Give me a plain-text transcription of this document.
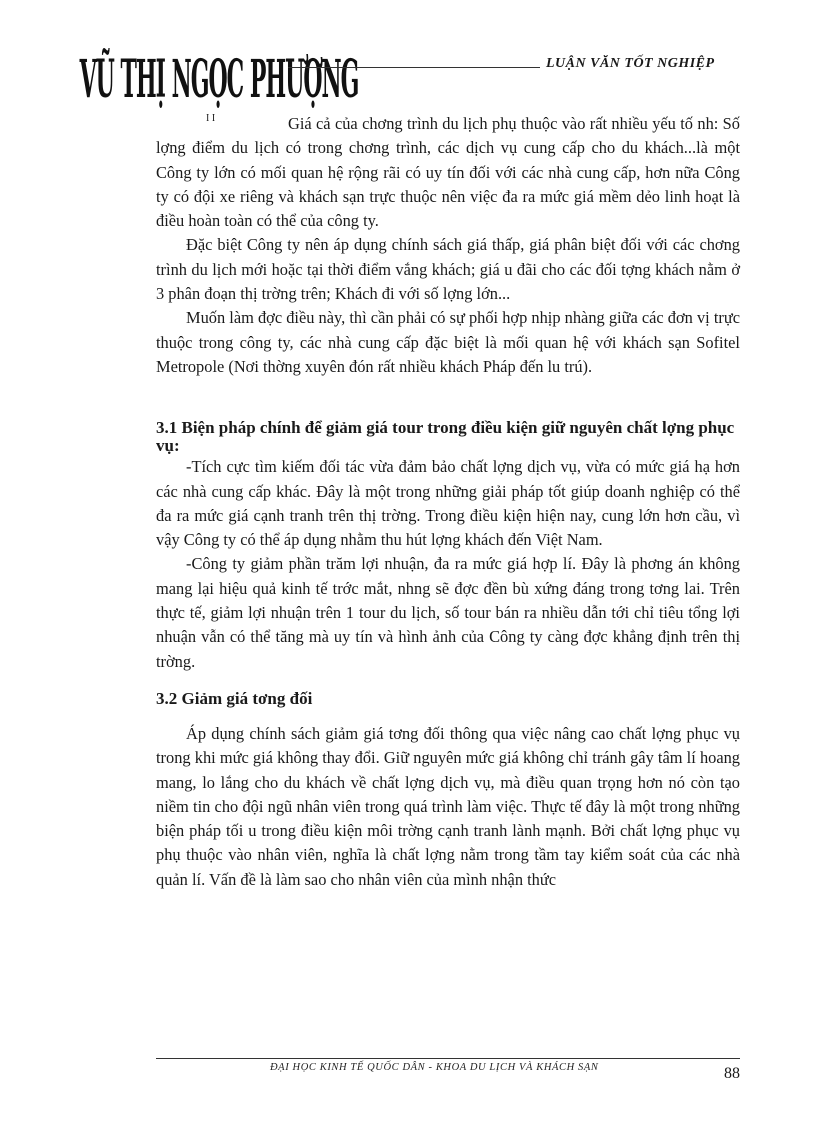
VŨ THỊ NGỌC PHƯỢNG
I I
LUẬN VĂN TỐT NGHIỆP

Giá cả của chơng trình du lịch phụ thuộc vào rất nhiều yếu tố nh: Số lợng điểm du lịch có trong chơng trình, các dịch vụ cung cấp cho du khách...là một Công ty lớn có mối quan hệ rộng rãi có uy tín đối với các nhà cung cấp, hơn nữa Công ty có đội xe riêng và khách sạn trực thuộc nên việc đa ra mức giá mềm dẻo linh hoạt là điều hoàn toàn có thể của công ty.

Đặc biệt Công ty nên áp dụng chính sách giá thấp, giá phân biệt đối với các chơng trình du lịch mới hoặc tại thời điểm vắng khách; giá u đãi cho các đối tợng khách nằm ở 3 phân đoạn thị trờng trên; Khách đi với số lợng lớn...

Muốn làm đợc điều này, thì cần phải có sự phối hợp nhịp nhàng giữa các đơn vị trực thuộc trong công ty, các nhà cung cấp đặc biệt là mối quan hệ với khách sạn Sofitel Metropole (Nơi thờng xuyên đón rất nhiều khách Pháp đến lu trú).

3.1 Biện pháp chính để giảm giá tour trong điều kiện giữ nguyên chất lợng phục vụ:

-Tích cực tìm kiếm đối tác vừa đảm bảo chất lợng dịch vụ, vừa có mức giá hạ hơn các nhà cung cấp khác. Đây là một trong những giải pháp tốt giúp doanh nghiệp có thể đa ra mức giá cạnh tranh trên thị trờng. Trong điều kiện hiện nay, cung lớn hơn cầu, vì vậy Công ty có thể áp dụng nhằm thu hút lợng khách đến Việt Nam.

-Công ty giảm phần trăm lợi nhuận, đa ra mức giá hợp lí. Đây là phơng án không mang lại hiệu quả kinh tế trớc mắt, nhng sẽ đợc đền bù xứng đáng trong tơng lai. Trên thực tế, giảm lợi nhuận trên 1 tour du lịch, số tour bán ra nhiều dẫn tới chỉ tiêu tổng lợi nhuận vẫn có thể tăng mà uy tín và hình ảnh của Công ty càng đợc khẳng định trên thị trờng.

3.2 Giảm giá tơng đối

Áp dụng chính sách giảm giá tơng đối thông qua việc nâng cao chất lợng phục vụ trong khi mức giá không thay đổi. Giữ nguyên mức giá không chỉ tránh gây tâm lí hoang mang, lo lắng cho du khách về chất lợng dịch vụ, mà điều quan trọng hơn nó còn tạo niềm tin cho đội ngũ nhân viên trong quá trình làm việc. Thực tế đây là một trong những biện pháp tối u trong điều kiện môi trờng cạnh tranh lành mạnh. Bởi chất lợng phục vụ phụ thuộc vào nhân viên, nghĩa là chất lợng nằm trong tầm tay kiểm soát của các nhà quản lí. Vấn đề là làm sao cho nhân viên của mình nhận thức

ĐẠI HỌC KINH TẾ QUỐC DÂN - KHOA DU LỊCH VÀ KHÁCH SẠN	88
